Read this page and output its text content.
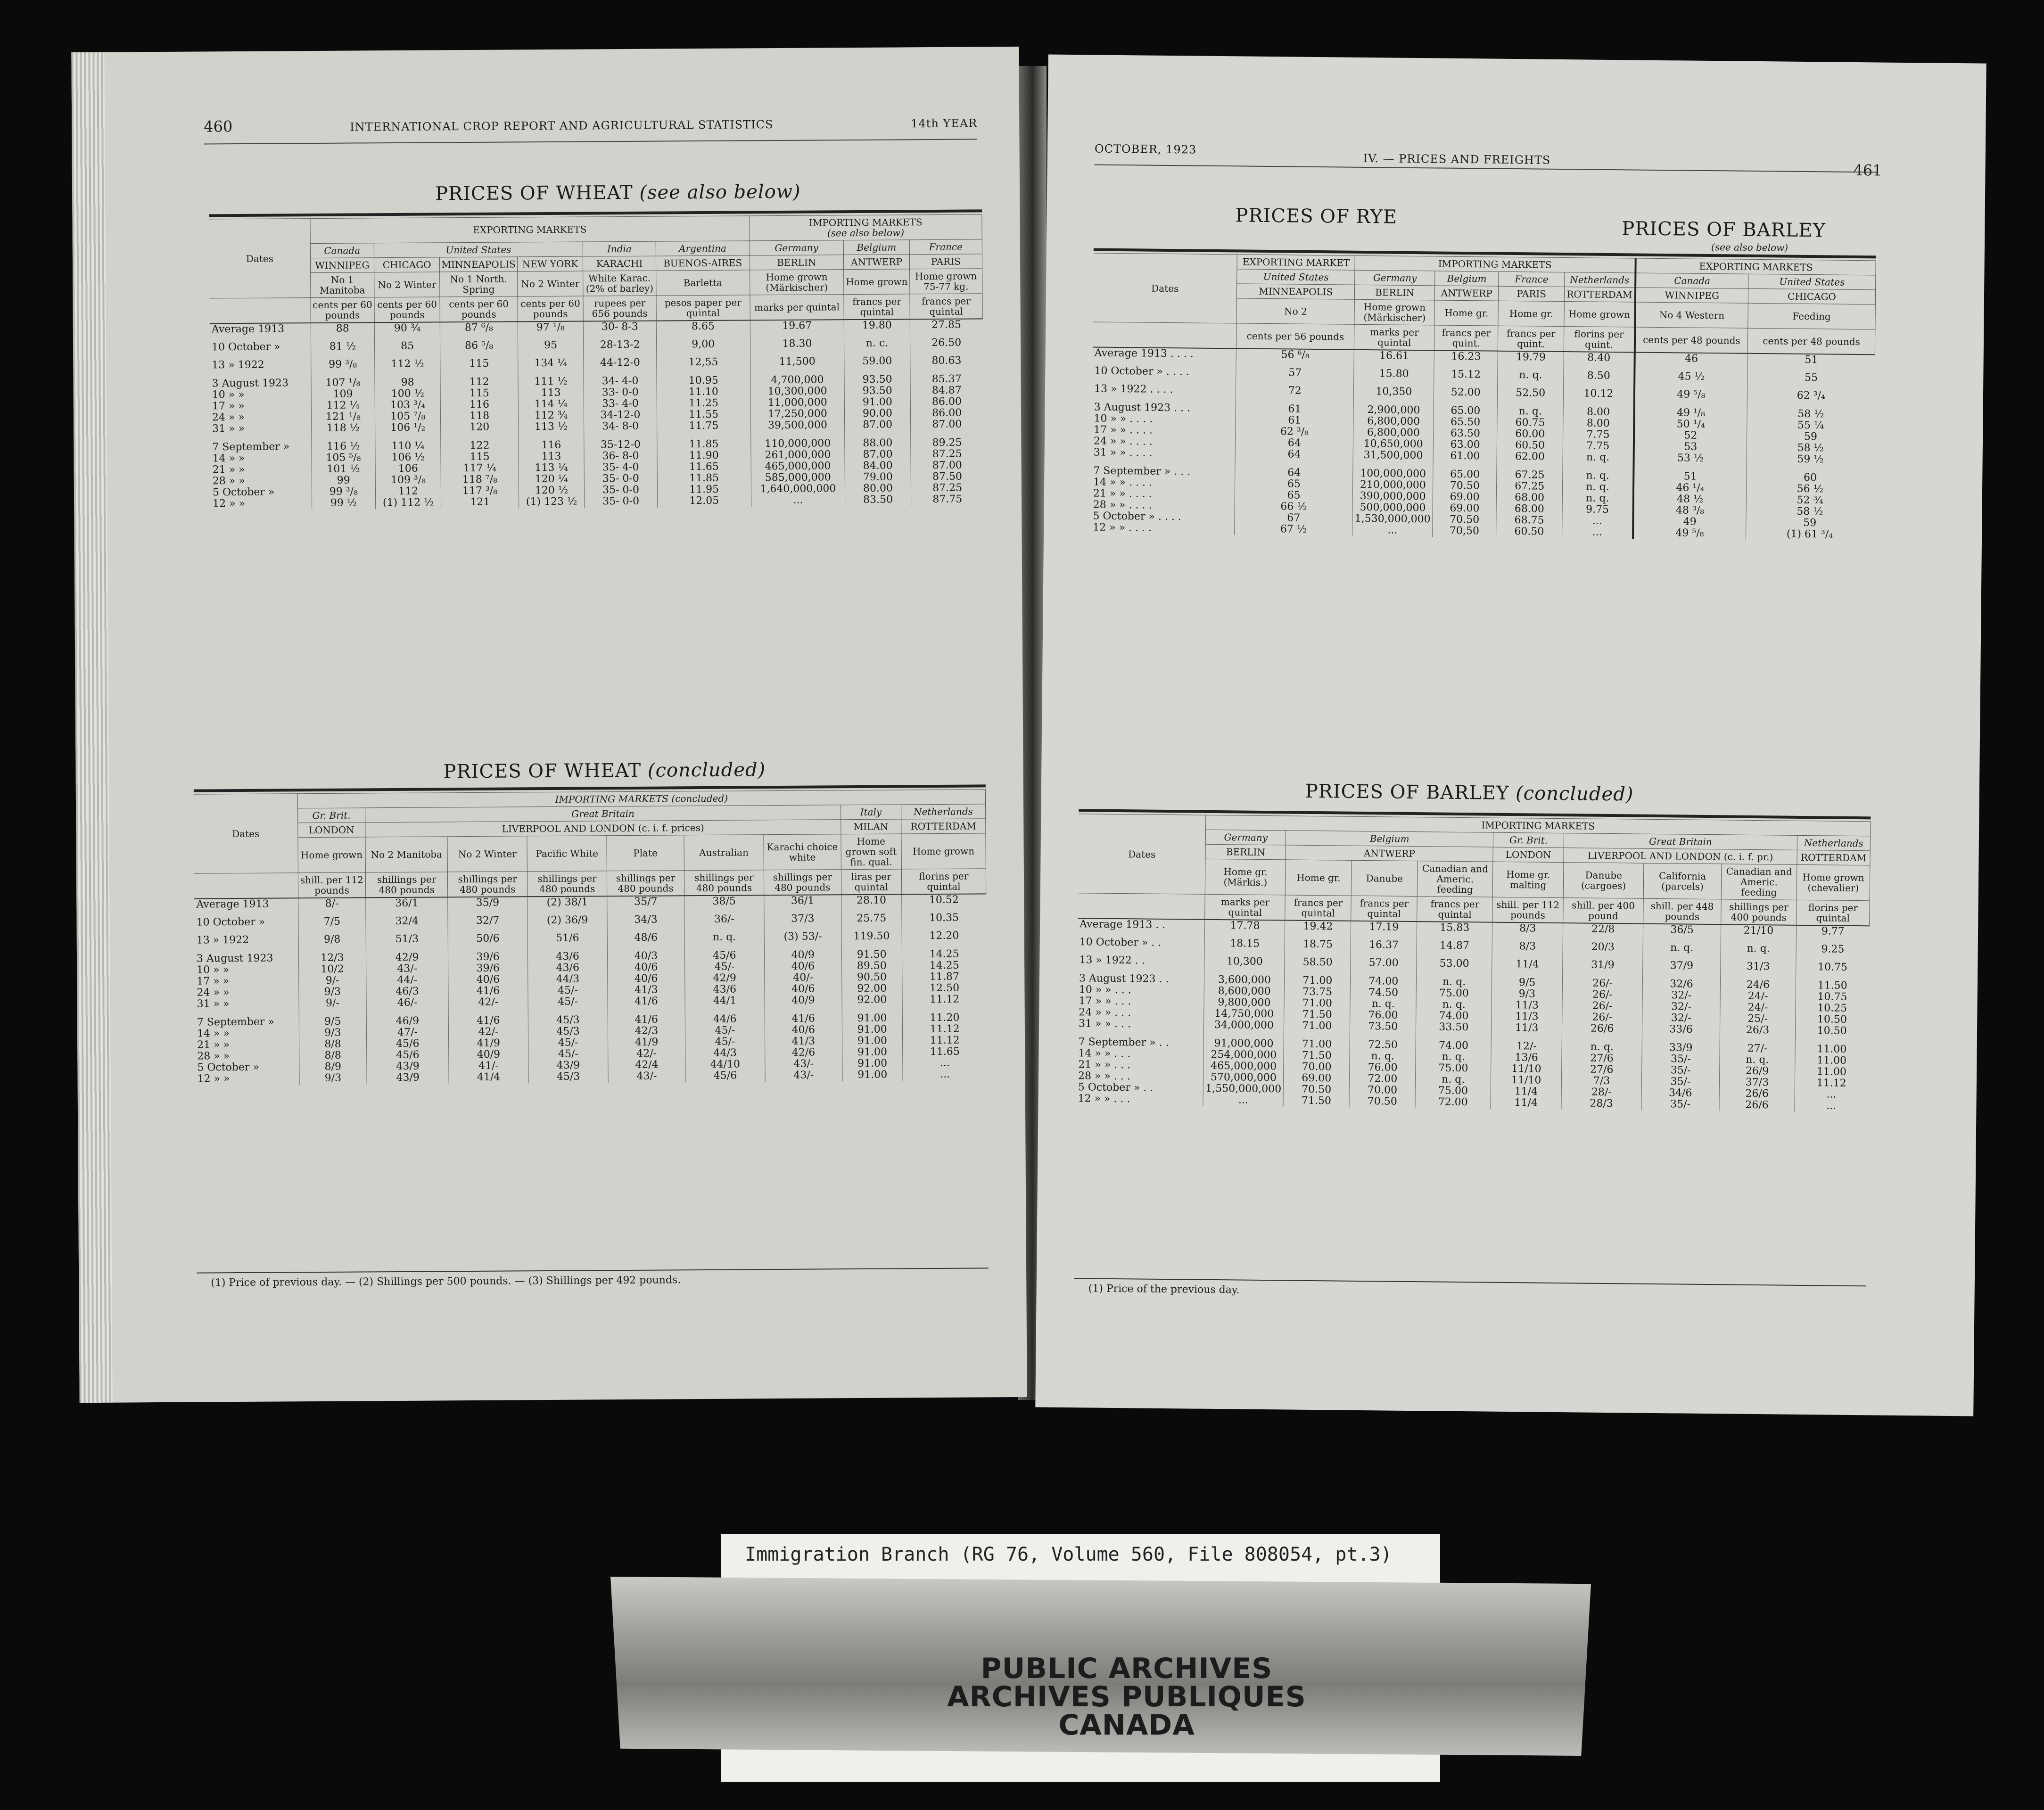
460	INTERNATIONAL CROP REPORT AND AGRICULTURAL STATISTICS	14th YEAR
PRICES OF WHEAT (see also below)
Dates	EXPORTING MARKETS						IMPORTING MARKETS
(see also below)		
	Canada	United States			India	Argentina	Germany	Belgium	France
	WINNIPEG	CHICAGO	MINNEAPOLIS	NEW YORK	KARACHI	BUENOS-AIRES	BERLIN	ANTWERP	PARIS
	No 1 Manitoba	No 2 Winter	No 1 North. Spring	No 2 Winter	White Karac. (2% of barley)	Barletta	Home grown (Märkischer)	Home grown	Home grown 75-77 kg.
	cents per 60 pounds	cents per 60 pounds	cents per 60 pounds	cents per 60 pounds	rupees per 656 pounds	pesos paper per quintal	marks per quintal	francs per quintal	francs per quintal
Average 1913	88	90 ¾	87 ⁶/₈	97 ¹/₈	30- 8-3	8.65	19.67	19.80	27.85
10 October »	81 ½	85	86 ⁵/₈	95	28-13-2	9,00	18.30	n. c.	26.50
13 » 1922	99 ³/₈	112 ½	115	134 ¼	44-12-0	12,55	11,500	59.00	80.63
3 August 1923	107 ¹/₈	98	112	111 ½	34- 4-0	10.95	4,700,000	93.50	85.37
10 » »	109	100 ½	115	113	33- 0-0	11.10	10,300,000	93.50	84.87
17 » »	112 ¼	103 ³/₄	116	114 ¼	33- 4-0	11.25	11,000,000	91.00	86.00
24 » »	121 ¹/₈	105 ⁷/₈	118	112 ¾	34-12-0	11.55	17,250,000	90.00	86.00
31 » »	118 ½	106 ¹/₂	120	113 ½	34- 8-0	11.75	39,500,000	87.00	87.00
7 September »	116 ½	110 ¼	122	116	35-12-0	11.85	110,000,000	88.00	89.25
14 » »	105 ⁵/₈	106 ½	115	113	36- 8-0	11.90	261,000,000	87.00	87.25
21 » »	101 ½	106	117 ¼	113 ¼	35- 4-0	11.65	465,000,000	84.00	87.00
28 » »	99	109 ³/₈	118 ⁷/₈	120 ¼	35- 0-0	11.85	585,000,000	79.00	87.50
5 October »	99 ³/₈	112	117 ³/₈	120 ½	35- 0-0	11.95	1,640,000,000	80.00	87.25
12 » »	99 ½	(1) 112 ½	121	(1) 123 ½	35- 0-0	12.05	...	83.50	87.75
PRICES OF WHEAT (concluded)
Dates	IMPORTING MARKETS (concluded)								
	Gr. Brit.	Great Britain						Italy	Netherlands
	LONDON	LIVERPOOL AND LONDON (c. i. f. prices)						MILAN	ROTTERDAM
	Home grown	No 2 Manitoba	No 2 Winter	Pacific White	Plate	Australian	Karachi choice white	Home grown soft fin. qual.	Home grown
	shill. per 112 pounds	shillings per 480 pounds	shillings per 480 pounds	shillings per 480 pounds	shillings per 480 pounds	shillings per 480 pounds	shillings per 480 pounds	liras per quintal	florins per quintal
Average 1913	8/-	36/1	35/9	(2) 38/1	35/7	38/5	36/1	28.10	10.52
10 October »	7/5	32/4	32/7	(2) 36/9	34/3	36/-	37/3	25.75	10.35
13 » 1922	9/8	51/3	50/6	51/6	48/6	n. q.	(3) 53/-	119.50	12.20
3 August 1923	12/3	42/9	39/6	43/6	40/3	45/6	40/9	91.50	14.25
10 » »	10/2	43/-	39/6	43/6	40/6	45/-	40/6	89.50	14.25
17 » »	9/-	44/-	40/6	44/3	40/6	42/9	40/-	90.50	11.87
24 » »	9/3	46/3	41/6	45/-	41/3	43/6	40/6	92.00	12.50
31 » »	9/-	46/-	42/-	45/-	41/6	44/1	40/9	92.00	11.12
7 September »	9/5	46/9	41/6	45/3	41/6	44/6	41/6	91.00	11.20
14 » »	9/3	47/-	42/-	45/3	42/3	45/-	40/6	91.00	11.12
21 » »	8/8	45/6	41/9	45/-	41/9	45/-	41/3	91.00	11.12
28 » »	8/8	45/6	40/9	45/-	42/-	44/3	42/6	91.00	11.65
5 October »	8/9	43/9	41/-	43/9	42/4	44/10	43/-	91.00	...
12 » »	9/3	43/9	41/4	45/3	43/-	45/6	43/-	91.00	...
(1) Price of previous day. — (2) Shillings per 500 pounds. — (3) Shillings per 492 pounds.
OCTOBER, 1923
IV. — PRICES AND FREIGHTS
461
PRICES OF RYE
PRICES OF BARLEY
(see also below)
Dates	EXPORTING MARKET	IMPORTING MARKETS				EXPORTING MARKETS	
	United States	Germany	Belgium	France	Netherlands	Canada	United States
	MINNEAPOLIS	BERLIN	ANTWERP	PARIS	ROTTERDAM	WINNIPEG	CHICAGO
	No 2	Home grown (Märkischer)	Home gr.	Home gr.	Home grown	No 4 Western	Feeding
	cents per 56 pounds	marks per quintal	francs per quint.	francs per quint.	florins per quint.	cents per 48 pounds	cents per 48 pounds
Average 1913 . . . .	56 ⁶/₈	16.61	16.23	19.79	8.40	46	51
10 October » . . . .	57	15.80	15.12	n. q.	8.50	45 ½	55
13 » 1922 . . . .	72	10,350	52.00	52.50	10.12	49 ⁵/₈	62 ³/₄
3 August 1923 . . .	61	2,900,000	65.00	n. q.	8.00	49 ¹/₈	58 ½
10 » » . . . .	61	6,800,000	65.50	60.75	8.00	50 ¹/₄	55 ¼
17 » » . . . .	62 ³/₈	6,800,000	63.50	60.00	7.75	52	59
24 » » . . . .	64	10,650,000	63.00	60.50	7.75	53	58 ½
31 » » . . . .	64	31,500,000	61.00	62.00	n. q.	53 ½	59 ½
7 September » . . .	64	100,000,000	65.00	67.25	n. q.	51	60
14 » » . . . .	65	210,000,000	70.50	67.25	n. q.	46 ¹/₄	56 ½
21 » » . . . .	65	390,000,000	69.00	68.00	n. q.	48 ½	52 ¾
28 » » . . . .	66 ½	500,000,000	69.00	68.00	9.75	48 ³/₈	58 ½
5 October » . . . .	67	1,530,000,000	70.50	68.75	...	49	59
12 » » . . . .	67 ½	...	70,50	60.50	...	49 ⁵/₈	(1) 61 ³/₄
PRICES OF BARLEY (concluded)
Dates	IMPORTING MARKETS								
	Germany	Belgium			Gr. Brit.	Great Britain			Netherlands
	BERLIN	ANTWERP			LONDON	LIVERPOOL AND LONDON (c. i. f. pr.)			ROTTERDAM
	Home gr. (Märkis.)	Home gr.	Danube	Canadian and Americ. feeding	Home gr. malting	Danube (cargoes)	California (parcels)	Canadian and Americ. feeding	Home grown (chevalier)
	marks per quintal	francs per quintal	francs per quintal	francs per quintal	shill. per 112 pounds	shill. per 400 pound	shill. per 448 pounds	shillings per 400 pounds	florins per quintal
Average 1913 . .	17.78	19.42	17.19	15.83	8/3	22/8	36/5	21/10	9.77
10 October » . .	18.15	18.75	16.37	14.87	8/3	20/3	n. q.	n. q.	9.25
13 » 1922 . .	10,300	58.50	57.00	53.00	11/4	31/9	37/9	31/3	10.75
3 August 1923 . .	3,600,000	71.00	74.00	n. q.	9/5	26/-	32/6	24/6	11.50
10 » » . . .	8,600,000	73.75	74.50	75.00	9/3	26/-	32/-	24/-	10.75
17 » » . . .	9,800,000	71.00	n. q.	n. q.	11/3	26/-	32/-	24/-	10.25
24 » » . . .	14,750,000	71.50	76.00	74.00	11/3	26/-	32/-	25/-	10.50
31 » » . . .	34,000,000	71.00	73.50	33.50	11/3	26/6	33/6	26/3	10.50
7 September » . .	91,000,000	71.00	72.50	74.00	12/-	n. q.	33/9	27/-	11.00
14 » » . . .	254,000,000	71.50	n. q.	n. q.	13/6	27/6	35/-	n. q.	11.00
21 » » . . .	465,000,000	70.00	76.00	75.00	11/10	27/6	35/-	26/9	11.00
28 » » . . .	570,000,000	69.00	72.00	n. q.	11/10	7/3	35/-	37/3	11.12
5 October » . .	1,550,000,000	70.50	70.00	75.00	11/4	28/-	34/6	26/6	...
12 » » . . .	...	71.50	70.50	72.00	11/4	28/3	35/-	26/6	...
(1) Price of the previous day.
Immigration Branch (RG 76, Volume 560, File 808054, pt.3)
PUBLIC ARCHIVES
ARCHIVES PUBLIQUES
CANADA
